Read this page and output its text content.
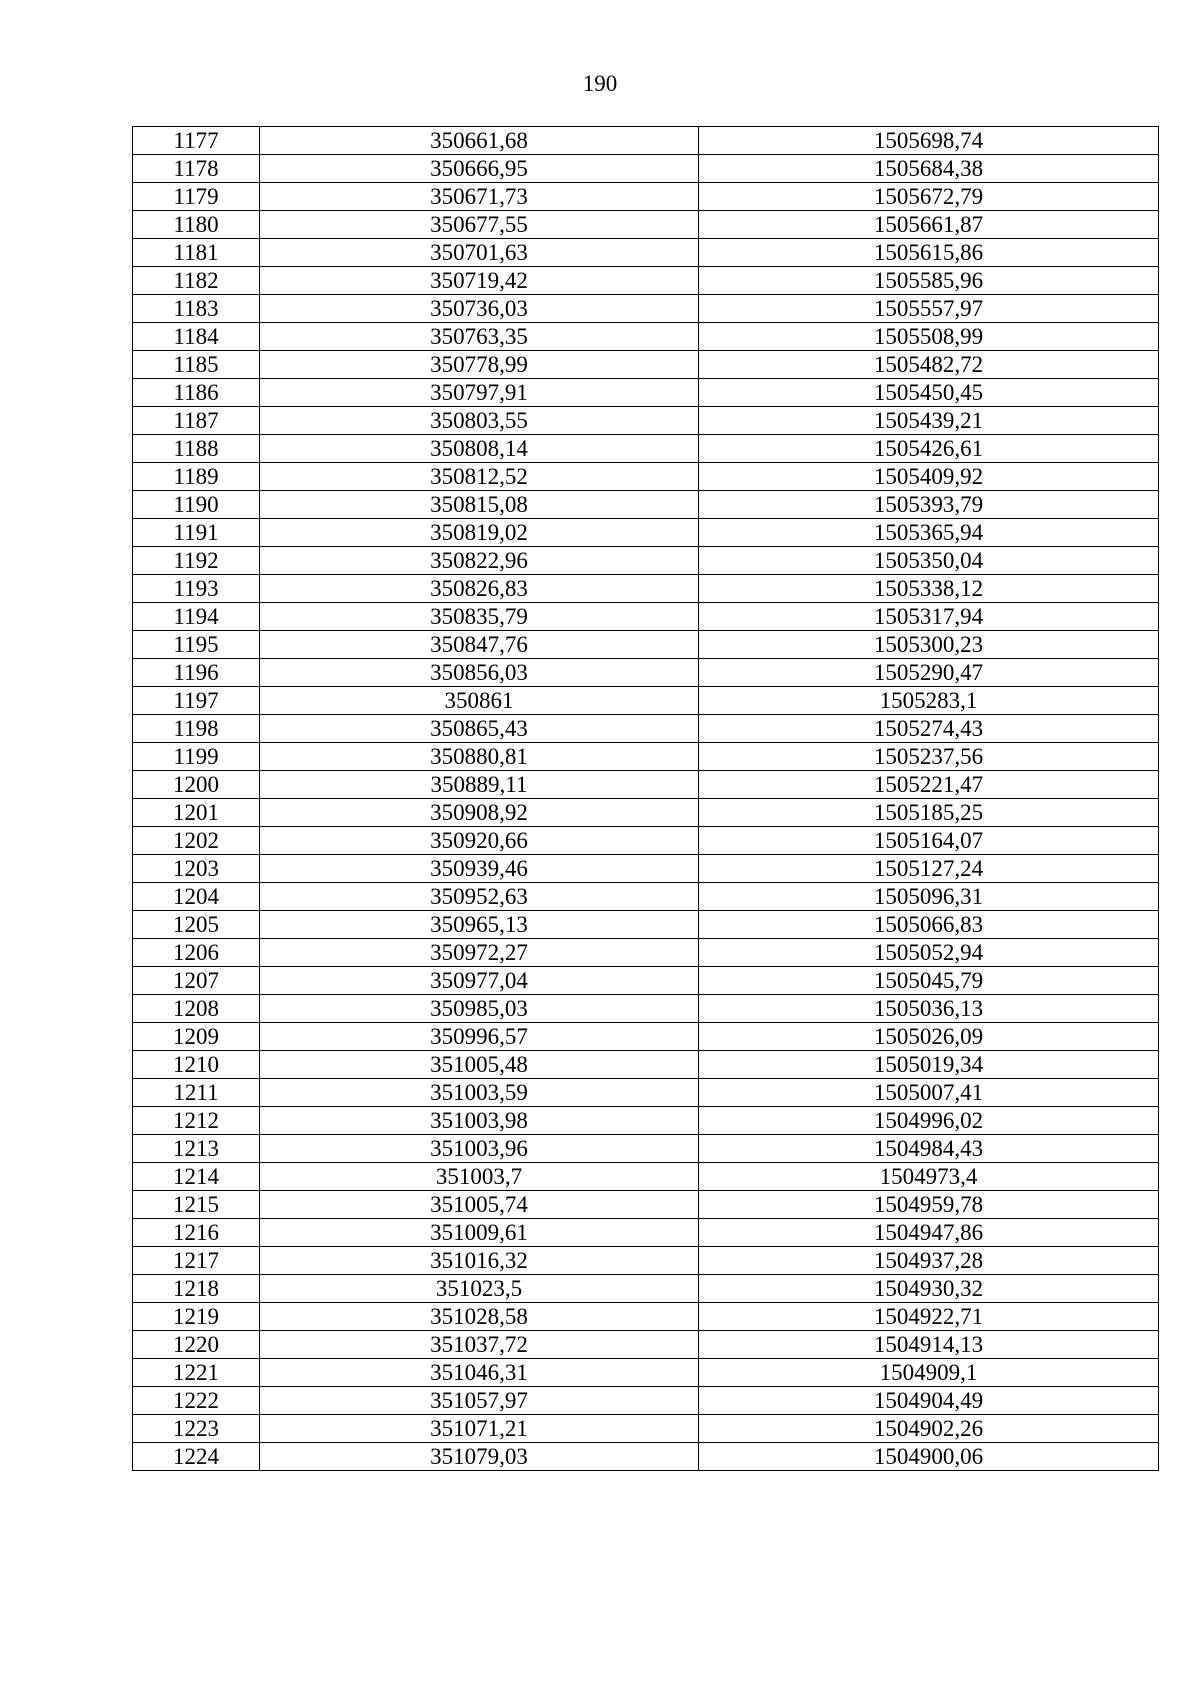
190
1177	350661,68	1505698,74
1178	350666,95	1505684,38
1179	350671,73	1505672,79
1180	350677,55	1505661,87
1181	350701,63	1505615,86
1182	350719,42	1505585,96
1183	350736,03	1505557,97
1184	350763,35	1505508,99
1185	350778,99	1505482,72
1186	350797,91	1505450,45
1187	350803,55	1505439,21
1188	350808,14	1505426,61
1189	350812,52	1505409,92
1190	350815,08	1505393,79
1191	350819,02	1505365,94
1192	350822,96	1505350,04
1193	350826,83	1505338,12
1194	350835,79	1505317,94
1195	350847,76	1505300,23
1196	350856,03	1505290,47
1197	350861	1505283,1
1198	350865,43	1505274,43
1199	350880,81	1505237,56
1200	350889,11	1505221,47
1201	350908,92	1505185,25
1202	350920,66	1505164,07
1203	350939,46	1505127,24
1204	350952,63	1505096,31
1205	350965,13	1505066,83
1206	350972,27	1505052,94
1207	350977,04	1505045,79
1208	350985,03	1505036,13
1209	350996,57	1505026,09
1210	351005,48	1505019,34
1211	351003,59	1505007,41
1212	351003,98	1504996,02
1213	351003,96	1504984,43
1214	351003,7	1504973,4
1215	351005,74	1504959,78
1216	351009,61	1504947,86
1217	351016,32	1504937,28
1218	351023,5	1504930,32
1219	351028,58	1504922,71
1220	351037,72	1504914,13
1221	351046,31	1504909,1
1222	351057,97	1504904,49
1223	351071,21	1504902,26
1224	351079,03	1504900,06
